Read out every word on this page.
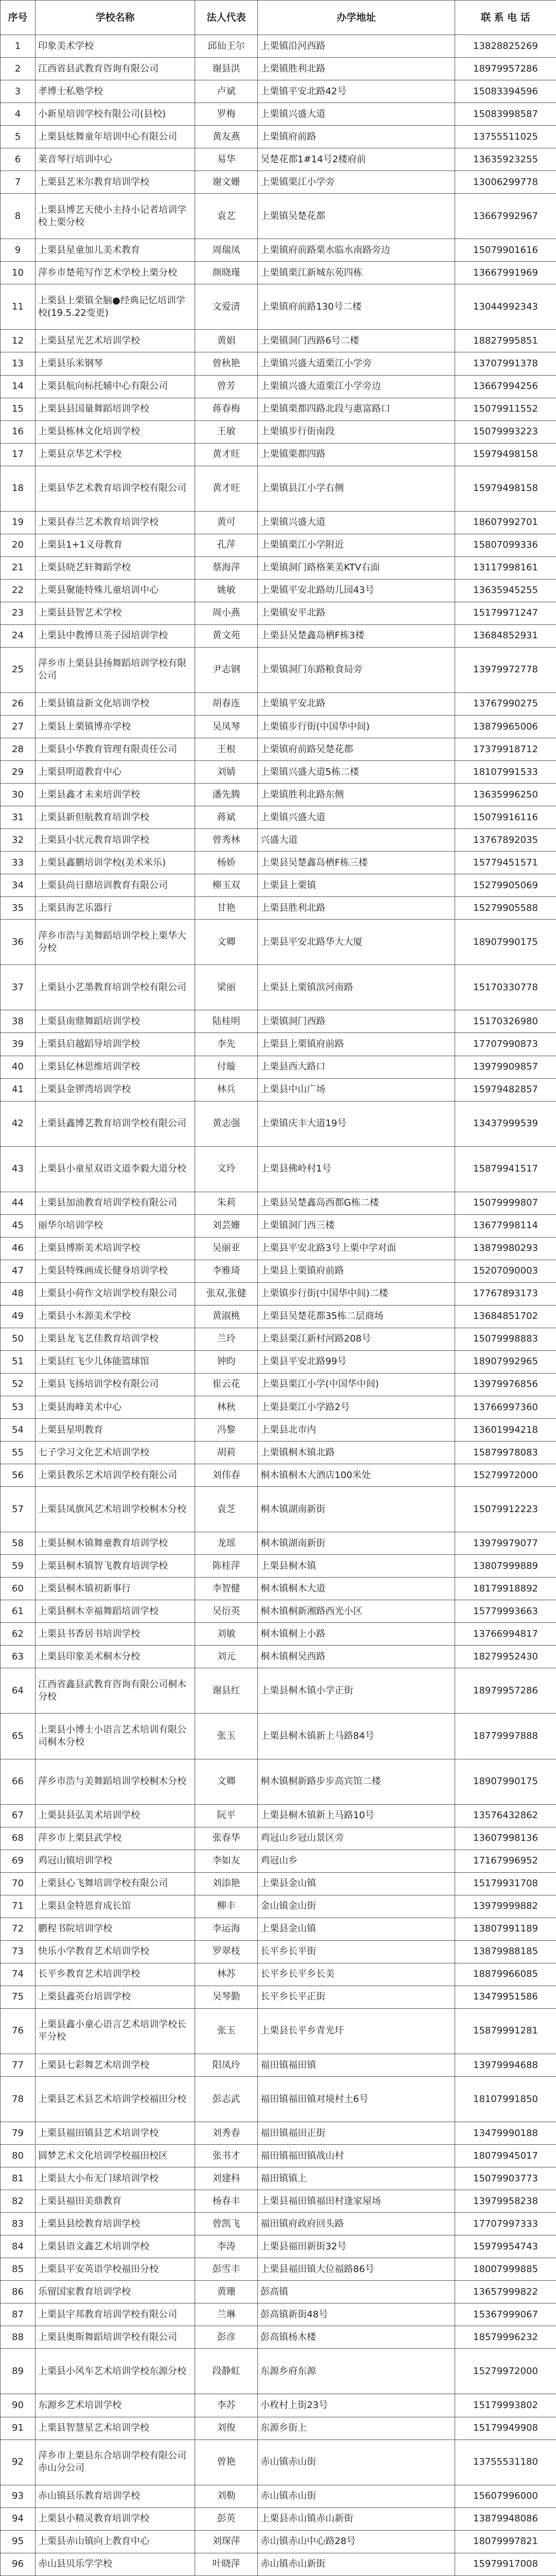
序号	学校名称	法人代表	办学地址	联 系 电 话
1	印象美术学校	邱仙王尔	上栗镇沿河西路	13828825269
2	江西省县武教育咨询有限公司	谢县洪	上栗镇胜利北路	18979957286
3	孝博士私塾学校	卢斌	上栗镇平安北路42号	15083394596
4	小新星培训学校有限公司(县校)	罗梅	上栗镇兴盛大道	15083998587
5	上栗县炫舞童年培训中心有限公司	黄友燕	上栗镇府前路	13755511025
6	莱音琴行培训中心	易华	吴楚花都1#14号2楼府前	13635923255
7	上栗县艺米尔教育培训学校	谢文姗	上栗镇栗江小学旁	13006299778
8	上栗县博艺天使小主持小记者培训学校上栗分校	袁艺	上栗镇吴楚花都	13667992967
9	上栗县星童加儿美术教育	周瑞凤	上栗镇府前路栗水临水南路旁边	15079901616
10	萍乡市楚苑写作艺术学校上栗分校	颜晓瑾	上栗镇栗江新城东苑四栋	13667991969
11	上栗县上栗镇全脑●经典记忆培训学校(19.5.22变更)	文爱清	上栗镇府前路130号二楼	13044992343
12	上栗县星光艺术培训学校	黄娟	上栗镇洞门西路6号二楼	18827995851
13	上栗县乐米钢琴	曾秋艳	上栗镇兴盛大道栗江小学旁	13707991378
14	上栗县航向标托辅中心有限公司	曾芳	上栗镇兴盛大道栗江小学旁边	13667994256
15	上栗县县国量舞蹈培训学校	蒋春梅	上栗镇栗都四路北段与惠富路口	15079911552
16	上栗县栋林文化培训学校	王敏	上栗镇步行街南段	15079993223
17	上栗县京华艺术学校	黄才旺	上栗镇栗都四路	15979498158
18	上栗县华艺术教育培训学校有限公司	黄才旺	上栗镇县江小学右侧	15979498158
19	上栗县春兰艺术教育培训学校	黄可	上栗镇兴盛大道	18607992701
20	上栗县1+1义母教育	孔萍	上栗镇栗江小学附近	15807099336
21	上栗县晓艺轩舞蹈学校	蔡海萍	上栗镇洞门路格莱美KTV右面	13117998161
22	上栗县聚能特殊儿童培训中心	姚敏	上栗镇平安北路幼儿园43号	13635945255
23	上栗县县智艺术学校	周小燕	上栗镇安平北路	15179971247
24	上栗县中教博旦英子园培训学校	黄文苑	上栗县吴楚鑫岛栖F栋3楼	13684852931
25	萍乡市上栗县县扬舞蹈培训学校有限公司	尹志钢	上栗镇洞门东路粮食局旁	13979972778
26	上栗县镇益新文化培训学校	胡春连	上栗镇平安北路	13767990275
27	上栗县上栗镇博亦学校	吴凤琴	上栗镇步行街(中国华中间)	13879965006
28	上栗县小华教育管理有限责任公司	王根	上栗镇府前路吴楚花都	17379918712
29	上栗县明道教育中心	刘婧	上栗镇兴盛大道5栋二楼	18107991533
30	上栗县鑫才未来培训学校	潘先腾	上栗镇胜利北路东侧	13635996250
31	上栗县新但航教育培训学校	蒋斌	上栗镇兴盛大道	15079916116
32	上栗县小状元教育培训学校	曾秀林	兴盛大道	13767892035
33	上栗县鑫鹏培训学校(美术米乐)	杨娇	上栗县吴楚鑫岛栖F栋三楼	15779451571
34	上栗县尚日鼎培训教育有限公司	柳玉双	上栗县上栗镇	15279905069
35	上栗县海艺乐器行	甘艳	上栗县胜利北路	15279905588
36	萍乡市浩与美舞蹈培训学校上栗华大分校	文卿	上栗县平安北路华大大厦	18907990175
37	上栗县小艺墨教育培训学校有限公司	梁丽	上栗县上栗镇滨河南路	15170330778
38	上栗县南鼎舞蹈培训学校	陆桂明	上栗镇洞门西路	15170326980
39	上栗县启越蹈导培训学校	李先	上栗县上栗镇府前路	17707990873
40	上栗县亿林思维培训学校	付璇	上栗县西大路口	13979909857
41	上栗县金锣湾培训学校	林兵	上栗县中山广场	15979482857
42	上栗县鑫博艺教育培训学校有限公司	黄志强	上栗镇庆丰大道19号	13437999539
43	上栗县小童星双语文道李毅大道分校	文玲	上栗县佛岭村1号	15879941517
44	上栗县加油教育培训学校有限公司	朱莉	上栗县吴楚鑫岛西都G栋二楼	15079999807
45	丽华尔培训学校	刘芸姗	上栗镇洞门西三楼	13677998114
46	上栗县博斯美术培训学校	吴丽亚	上栗县平安北路3号上栗中学对面	13879980293
47	上栗县特殊画成长健身培训学校	李雅琦	上栗县上栗镇府前路	15207090003
48	上栗县小荷作文培训学校有限公司	张双,张健	上栗镇步行街(中国华中间)二楼	17767893173
49	上栗县小木源美术学校	黄淑桃	上栗县吴楚花都35栋二层商场	13684851702
50	上栗县龙飞艺佳教育培训学校	兰玲	上栗县栗江新村河路208号	15079998883
51	上栗县红飞少儿体能篮球馆	钟昀	上栗县平安北路99号	18907992965
52	上栗县飞扬培训学校有限公司	崔云花	上栗县栗江小学(中国华中间)	13979976856
53	上栗县海峰美术中心	林秋	上栗县栗江小学路2号	13766997360
54	上栗县星明教育	冯黎	上栗县北市内	13601994218
55	七子学习文化艺术培训学校	胡莉	上栗镇桐木镇北路	15879978083
56	上栗县教乐艺术培训学校有限公司	刘伟春	桐木镇桐木大酒店100米处	15279972000
57	上栗县凤旗风艺术培训学校桐木分校	袁芝	桐木镇湖南新街	15079912223
58	上栗县桐木镇舞童教育培训学校	龙瑶	桐木镇湖南新街	13979979077
59	上栗县桐木镇智飞教育培训学校	陈桂萍	上栗县桐木镇	13807999889
60	上栗县桐木镇初新事行	李智健	桐木镇桐木大道	18179918892
61	上栗县桐木幸福舞蹈培训学校	吴衍英	桐木镇桐新湘路西光小区	15779993663
62	上栗县书香居书培训学校	刘敏	桐木镇桐上小路	13766994817
63	上栗县印象美术桐木分校	刘元	桐木镇桐吴西路	18279952430
64	江西省鑫县武教育咨询有限公司桐木分校	谢县红	上栗县桐木镇小学正街	18979957286
65	上栗县小博士小语言艺术培训有限公司桐木分校	张玉	上栗县桐木镇新上马路84号	18779997888
66	萍乡市浩与美舞蹈培训学校桐木分校	文卿	桐木镇桐新路步步高宾馆二楼	18907990175
67	上栗县县弘美术培训学校	阮平	上栗县桐木镇新上马路10号	13576432862
68	萍乡市上栗县武学校	张春华	鸡冠山乡冠山景区旁	13607998136
69	鸡冠山镇培训学校	李如友	鸡冠山乡	17167996952
70	上栗县心飞舞培训学校有限公司	刘添艳	上栗县金山镇	15179931708
71	上栗县金特恩育成长馆	柳丰	金山镇金山街	13979999882
72	鹏程书院培训学校	李运海	上栗县金山镇	13807991189
73	快乐小学教育艺术培训学校	罗翠枝	长平乡长平街	13879988185
74	长平乡教育艺术培训学校	林苏	长平乡长平乡长美	18879966085
75	上栗县鑫英台培训学校	吴琴勤	长平乡长平正街	13479951586
76	上栗县鑫小童心语言艺术培训学校长平分校	张玉	上栗县长平乡青光圩	15879991281
77	上栗县七彩舞艺术培训学校	阳凤玲	福田镇福田镇	13979994688
78	上栗县艺术县艺术培训学校福田分校	彭志武	福田镇福田镇对境村土6号	18107991850
79	上栗县福田镇县艺术培训学校	刘秀春	福田镇福田正街	13479990188
80	圆梦艺术文化培训学校福田校区	张书才	福田镇福田镇战山村	18079945017
81	上栗县大小布无门球培训学校	刘建科	福田镇镇上	15079903773
82	上栗县福田美鼎教育	杨春丰	上栗县福田镇福田村逢家屋场	13979958238
83	上栗县县绘教育培训学校	曾凯飞	福田镇府政府回头路	17707997333
84	上栗县语文鑫艺术培训学校	李涛	上栗县福田新街32号	15979954743
85	上栗县平安英语学校福田分校	彭雪丰	上栗县福田镇大位福路86号	18007999885
86	乐留国家教育培训学校	黄珊	彭高镇	13657999822
87	上栗县宇邦教育培训学校有限公司	兰琳	彭高镇新街48号	15367999067
88	上栗县奥斯舞蹈培训学校有限公司	彭彦	彭高镇杨木楼	18579996232
89	上栗县小风车艺术培训学校东源分校	段静虹	东源乡府东源	15279972000
90	东源乡艺术培训学校	李苏	小枚村上街23号	15179993802
91	上栗县智慧星艺术培训学校	刘俊	东源乡街上	15179949908
92	萍乡市上栗县东合培训学校有限公司赤山分公司	曾艳	赤山镇赤山街	13755531180
93	赤山镇县乐教育培训学校	刘勒	赤山镇赤山街	15607996000
94	上栗县小精灵教育培训学校	彭英	上栗县赤山镇赤山新街	13879948086
95	上栗县赤山镇向上教育中心	刘琛萍	赤山镇赤山中心路28号	18079997821
96	赤山县贝乐学学校	叶晓萍	赤山镇赤山新街	15979917008
